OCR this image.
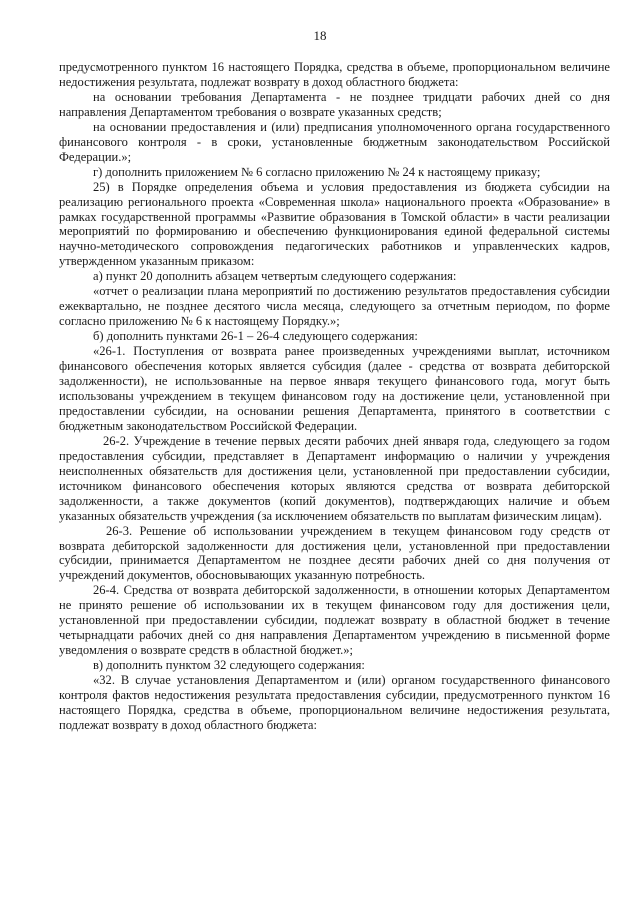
18

предусмотренного пунктом 16 настоящего Порядка, средства в объеме, пропорциональном величине недостижения результата, подлежат возврату в доход областного бюджета:

на основании требования Департамента - не позднее тридцати рабочих дней со дня направления Департаментом требования о возврате указанных средств;

на основании предоставления и (или) предписания уполномоченного органа государственного финансового контроля - в сроки, установленные бюджетным законодательством Российской Федерации.»;

г) дополнить приложением № 6 согласно приложению № 24 к настоящему приказу;

25) в Порядке определения объема и условия предоставления из бюджета субсидии на реализацию регионального проекта «Современная школа» национального проекта «Образование» в рамках государственной программы «Развитие образования в Томской области» в части реализации мероприятий по формированию и обеспечению функционирования единой федеральной системы научно-методического сопровождения педагогических работников и управленческих кадров, утвержденном указанным приказом:

а) пункт 20 дополнить абзацем четвертым следующего содержания:

«отчет о реализации плана мероприятий по достижению результатов предоставления субсидии ежеквартально, не позднее десятого числа месяца, следующего за отчетным периодом, по форме согласно приложению № 6 к настоящему Порядку.»;

б) дополнить пунктами 26-1 – 26-4 следующего содержания:

«26-1. Поступления от возврата ранее произведенных учреждениями выплат, источником финансового обеспечения которых является субсидия (далее - средства от возврата дебиторской задолженности), не использованные на первое января текущего финансового года, могут быть использованы учреждением в текущем финансовом году на достижение цели, установленной при предоставлении субсидии, на основании решения Департамента, принятого в соответствии с бюджетным законодательством Российской Федерации.

26-2. Учреждение в течение первых десяти рабочих дней января года, следующего за годом предоставления субсидии, представляет в Департамент информацию о наличии у учреждения неисполненных обязательств для достижения цели, установленной при предоставлении субсидии, источником финансового обеспечения которых являются средства от возврата дебиторской задолженности, а также документов (копий документов), подтверждающих наличие и объем указанных обязательств учреждения (за исключением обязательств по выплатам физическим лицам).

26-3. Решение об использовании учреждением в текущем финансовом году средств от возврата дебиторской задолженности для достижения цели, установленной при предоставлении субсидии, принимается Департаментом не позднее десяти рабочих дней со дня получения от учреждений документов, обосновывающих указанную потребность.

26-4. Средства от возврата дебиторской задолженности, в отношении которых Департаментом не принято решение об использовании их в текущем финансовом году для достижения цели, установленной при предоставлении субсидии, подлежат возврату в областной бюджет в течение четырнадцати рабочих дней со дня направления Департаментом учреждению в письменной форме уведомления о возврате средств в областной бюджет.»;

в) дополнить пунктом 32 следующего содержания:

«32. В случае установления Департаментом и (или) органом государственного финансового контроля фактов недостижения результата предоставления субсидии, предусмотренного пунктом 16 настоящего Порядка, средства в объеме, пропорциональном величине недостижения результата, подлежат возврату в доход областного бюджета:
